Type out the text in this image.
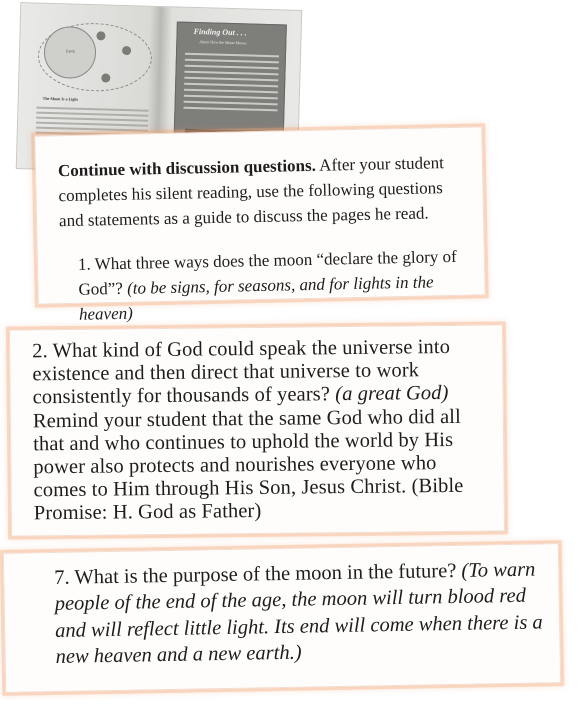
Earth
The Moon Is a Light
Finding Out . . .
About How the Moon Moves
Continue with discussion questions. After your student completes his silent reading, use the following questions and statements as a guide to discuss the pages he read.
1. What three ways does the moon “declare the glory of God”? (to be signs, for seasons, and for lights in the heaven)
2. What kind of God could speak the universe into existence and then direct that universe to work consistently for thousands of years? (a great God) Remind your student that the same God who did all that and who continues to uphold the world by His power also protects and nourishes everyone who comes to Him through His Son, Jesus Christ. (Bible Promise: H. God as Father)
7. What is the purpose of the moon in the future? (To warn people of the end of the age, the moon will turn blood red and will reflect little light. Its end will come when there is a new heaven and a new earth.)
